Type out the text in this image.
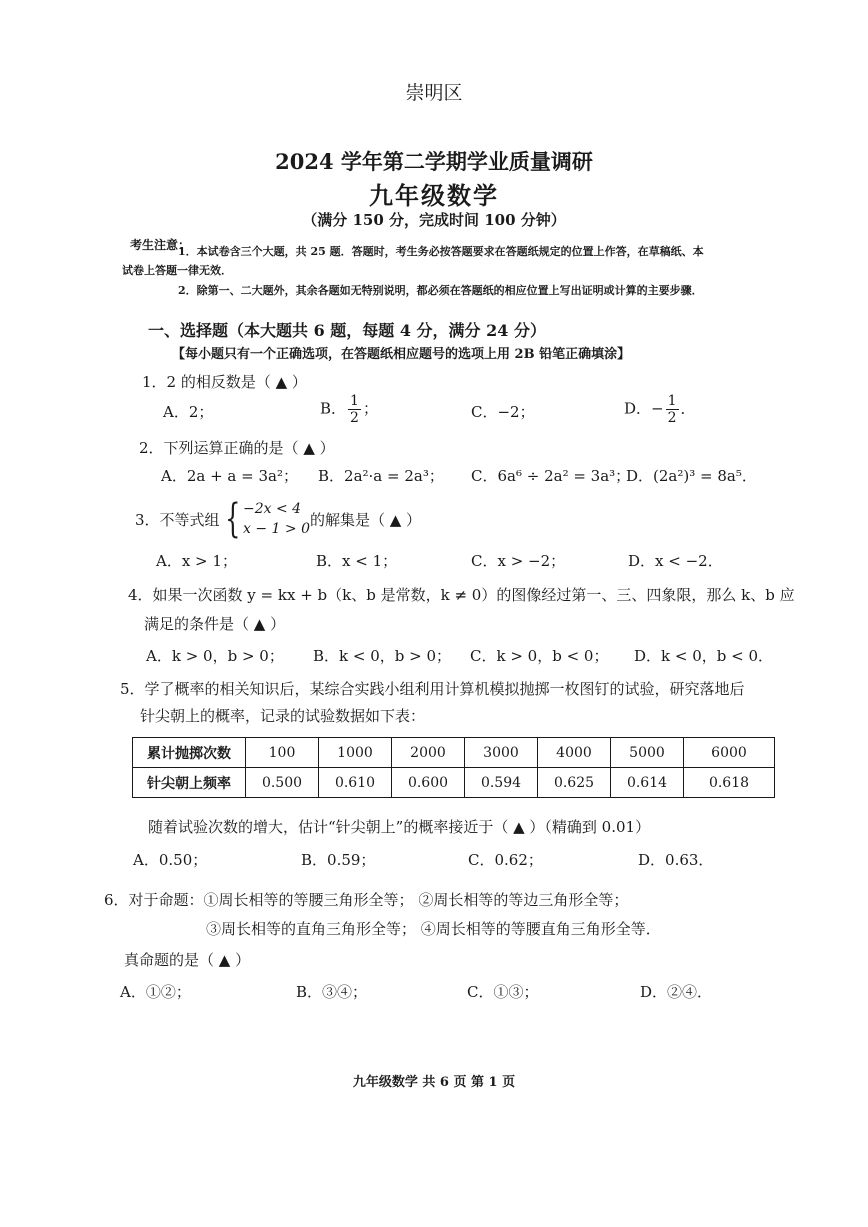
崇明区
2024 学年第二学期学业质量调研
九年级数学
（满分 150 分，完成时间 100 分钟）
考生注意：
1．本试卷含三个大题，共 25 题．答题时，考生务必按答题要求在答题纸规定的位置上作答，在草稿纸、本
试卷上答题一律无效．
2．除第一、二大题外，其余各题如无特别说明，都必须在答题纸的相应位置上写出证明或计算的主要步骤．
一、选择题（本大题共 6 题，每题 4 分，满分 24 分）
【每小题只有一个正确选项，在答题纸相应题号的选项上用 2B 铅笔正确填涂】
1．2 的相反数是（ ▲ ）
A．2；	B． $\frac{1}{2}$ ；	C．−2；	D．− $\frac{1}{2}$ ．
2．下列运算正确的是（ ▲ ）
A．2a + a = 3a²； B．2a²·a = 2a³； C．6a⁶ ÷ 2a² = 3a³；
D．(2a²)³ = 8a⁵．
3．不等式组 { −2x < 4
x − 1 > 0
的解集是（ ▲ ）
A．x > 1；	B．x < 1；	C．x > −2；	D．x < −2．
4．如果一次函数 y = kx + b（k、b 是常数，k ≠ 0）的图像经过第一、三、四象限，那么 k、b 应
满足的条件是（ ▲ ）
A．k > 0，b > 0； B．k < 0，b > 0； C．k > 0，b < 0； D．k < 0，b < 0．
5．学了概率的相关知识后，某综合实践小组利用计算机模拟抛掷一枚图钉的试验，研究落地后
针尖朝上的概率，记录的试验数据如下表：
累计抛掷次数	100	1000	2000	3000	4000	5000	6000
针尖朝上频率	0.500	0.610	0.600	0.594	0.625	0.614	0.618
随着试验次数的增大，估计“针尖朝上”的概率接近于（ ▲ ）（精确到 0.01）
A．0.50；	B．0.59；	C．0.62；	D．0.63．
6．对于命题：①周长相等的等腰三角形全等； ②周长相等的等边三角形全等；
③周长相等的直角三角形全等； ④周长相等的等腰直角三角形全等．
真命题的是（ ▲ ）
A．①②；	B．③④；	C．①③；	D．②④．
九年级数学 共 6 页 第 1 页
